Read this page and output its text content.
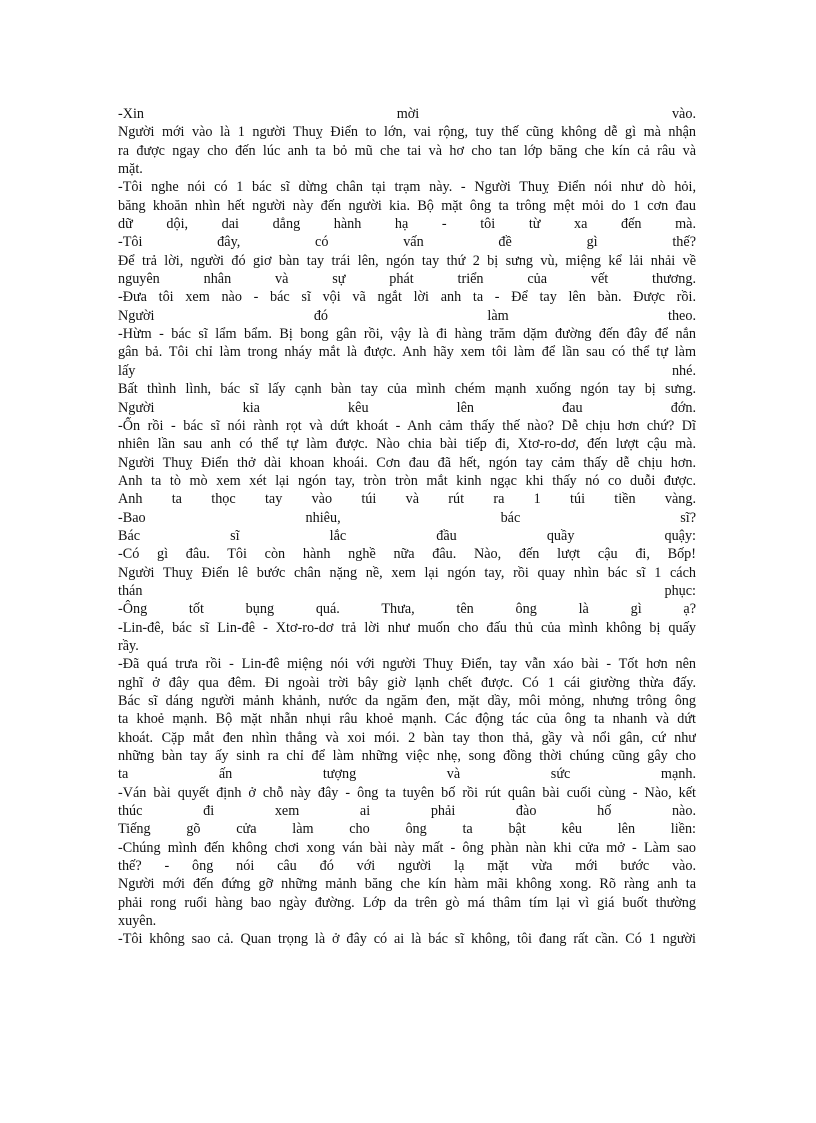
-Xin mời vào.

Người mới vào là 1 người Thuỵ Điển to lớn, vai rộng, tuy thế cũng không dễ gì mà nhận

ra được ngay cho đến lúc anh ta bỏ mũ che tai và hơ cho tan lớp băng che kín cả râu và

mặt.

-Tôi nghe nói có 1 bác sĩ dừng chân tại trạm này. - Người Thuỵ Điển nói như dò hỏi,

băng khoăn nhìn hết người này đến người kia. Bộ mặt ông ta trông mệt mỏi do 1 cơn đau

dữ dội, dai dẳng hành hạ - tôi từ xa đến mà.

-Tôi đây, có vấn đề gì thế?

Để trả lời, người đó giơ bàn tay trái lên, ngón tay thứ 2 bị sưng vù, miệng kể lải nhải về

nguyên nhân và sự phát triển của vết thương.

-Đưa tôi xem nào - bác sĩ vội vã ngắt lời anh ta - Để tay lên bàn. Được rồi.

Người đó làm theo.

-Hừm - bác sĩ lẩm bẩm. Bị bong gân rồi, vậy là đi hàng trăm dặm đường đến đây để nắn

gân bả. Tôi chỉ làm trong nháy mắt là được. Anh hãy xem tôi làm để lần sau có thể tự làm

lấy nhé.

Bất thình lình, bác sĩ lấy cạnh bàn tay của mình chém mạnh xuống ngón tay bị sưng.

Người kia kêu lên đau đớn.

-Ổn rồi - bác sĩ nói rành rọt và dứt khoát - Anh cảm thấy thế nào? Dễ chịu hơn chứ? Dĩ

nhiên lần sau anh có thể tự làm được. Nào chia bài tiếp đi, Xtơ-ro-dơ, đến lượt cậu mà.

Người Thuỵ Điển thở dài khoan khoái. Cơn đau đã hết, ngón tay cảm thấy dễ chịu hơn.

Anh ta tò mò xem xét lại ngón tay, tròn tròn mắt kinh ngạc khi thấy nó co duỗi được.

Anh ta thọc tay vào túi và rút ra 1 túi tiền vàng.

-Bao nhiêu, bác sĩ?

Bác sĩ lắc đầu quầy quậy:

-Có gì đâu. Tôi còn hành nghề nữa đâu. Nào, đến lượt cậu đi, Bốp!

Người Thuỵ Điển lê bước chân nặng nề, xem lại ngón tay, rồi quay nhìn bác sĩ 1 cách

thán phục:

-Ông tốt bụng quá. Thưa, tên ông là gì ạ?

-Lin-đê, bác sĩ Lin-đê - Xtơ-ro-dơ trả lời như muốn cho đấu thủ của mình không bị quấy

rầy.

-Đã quá trưa rồi - Lin-đê miệng nói với người Thuỵ Điển, tay vẫn xáo bài - Tốt hơn nên

nghĩ ở đây qua đêm. Đi ngoài trời bây giờ lạnh chết được. Có 1 cái giường thừa đấy.

Bác sĩ dáng người mảnh khảnh, nước da ngăm đen, mặt dầy, môi mỏng, nhưng trông ông

ta khoẻ mạnh. Bộ mặt nhẵn nhụi râu khoẻ mạnh. Các động tác của ông ta nhanh và dứt

khoát. Cặp mắt đen nhìn thẳng và xoi mói. 2 bàn tay thon thả, gầy và nổi gân, cứ như

những bàn tay ấy sinh ra chỉ để làm những việc nhẹ, song đồng thời chúng cũng gây cho

ta ấn tượng và sức mạnh.

-Ván bài quyết định ở chỗ này đây - ông ta tuyên bố rồi rút quân bài cuối cùng - Nào, kết

thúc đi xem ai phải đào hố nào.

Tiếng gõ cửa làm cho ông ta bật kêu lên liền:

-Chúng mình đến không chơi xong ván bài này mất - ông phàn nàn khi cửa mở - Làm sao

thế? - ông nói câu đó với người lạ mặt vừa mới bước vào.

Người mới đến đứng gỡ những mảnh băng che kín hàm mãi không xong. Rõ ràng anh ta

phải rong ruổi hàng bao ngày đường. Lớp da trên gò má thâm tím lại vì giá buốt thường

xuyên.

-Tôi không sao cả. Quan trọng là ở đây có ai là bác sĩ không, tôi đang rất cần. Có 1 người
